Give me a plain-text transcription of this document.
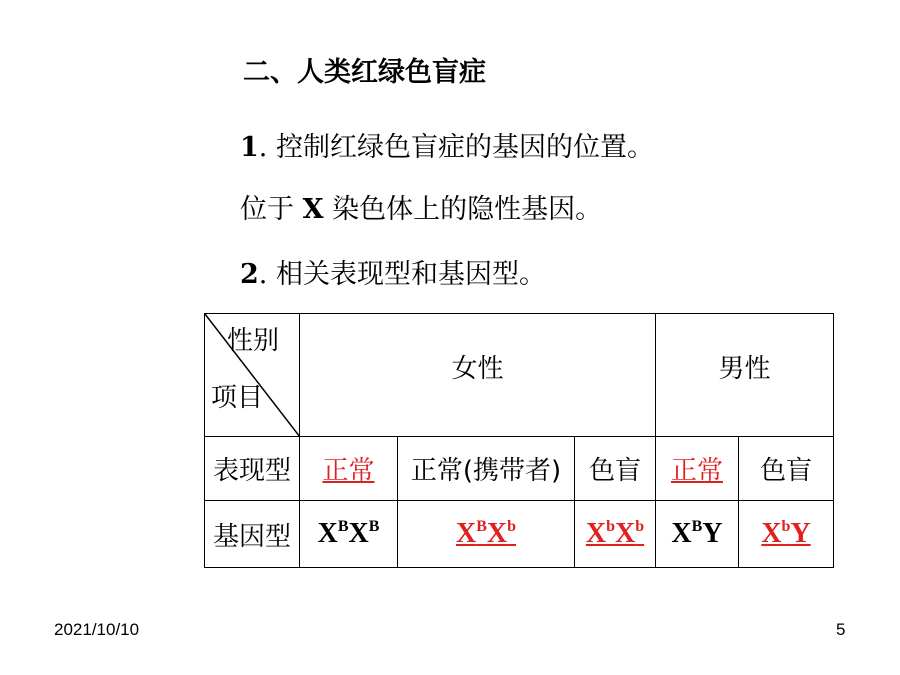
二、人类红绿色盲症
1. 控制红绿色盲症的基因的位置。
位于 X 染色体上的隐性基因。
2. 相关表现型和基因型。
性别
项目	女性			男性	
表现型	正常	正常(携带者)	色盲	正常	色盲
基因型	$X^BX^B$	$X^BX^b$	$X^bX^b$	$X^BY$	$X^bY$
2021/10/10	5
